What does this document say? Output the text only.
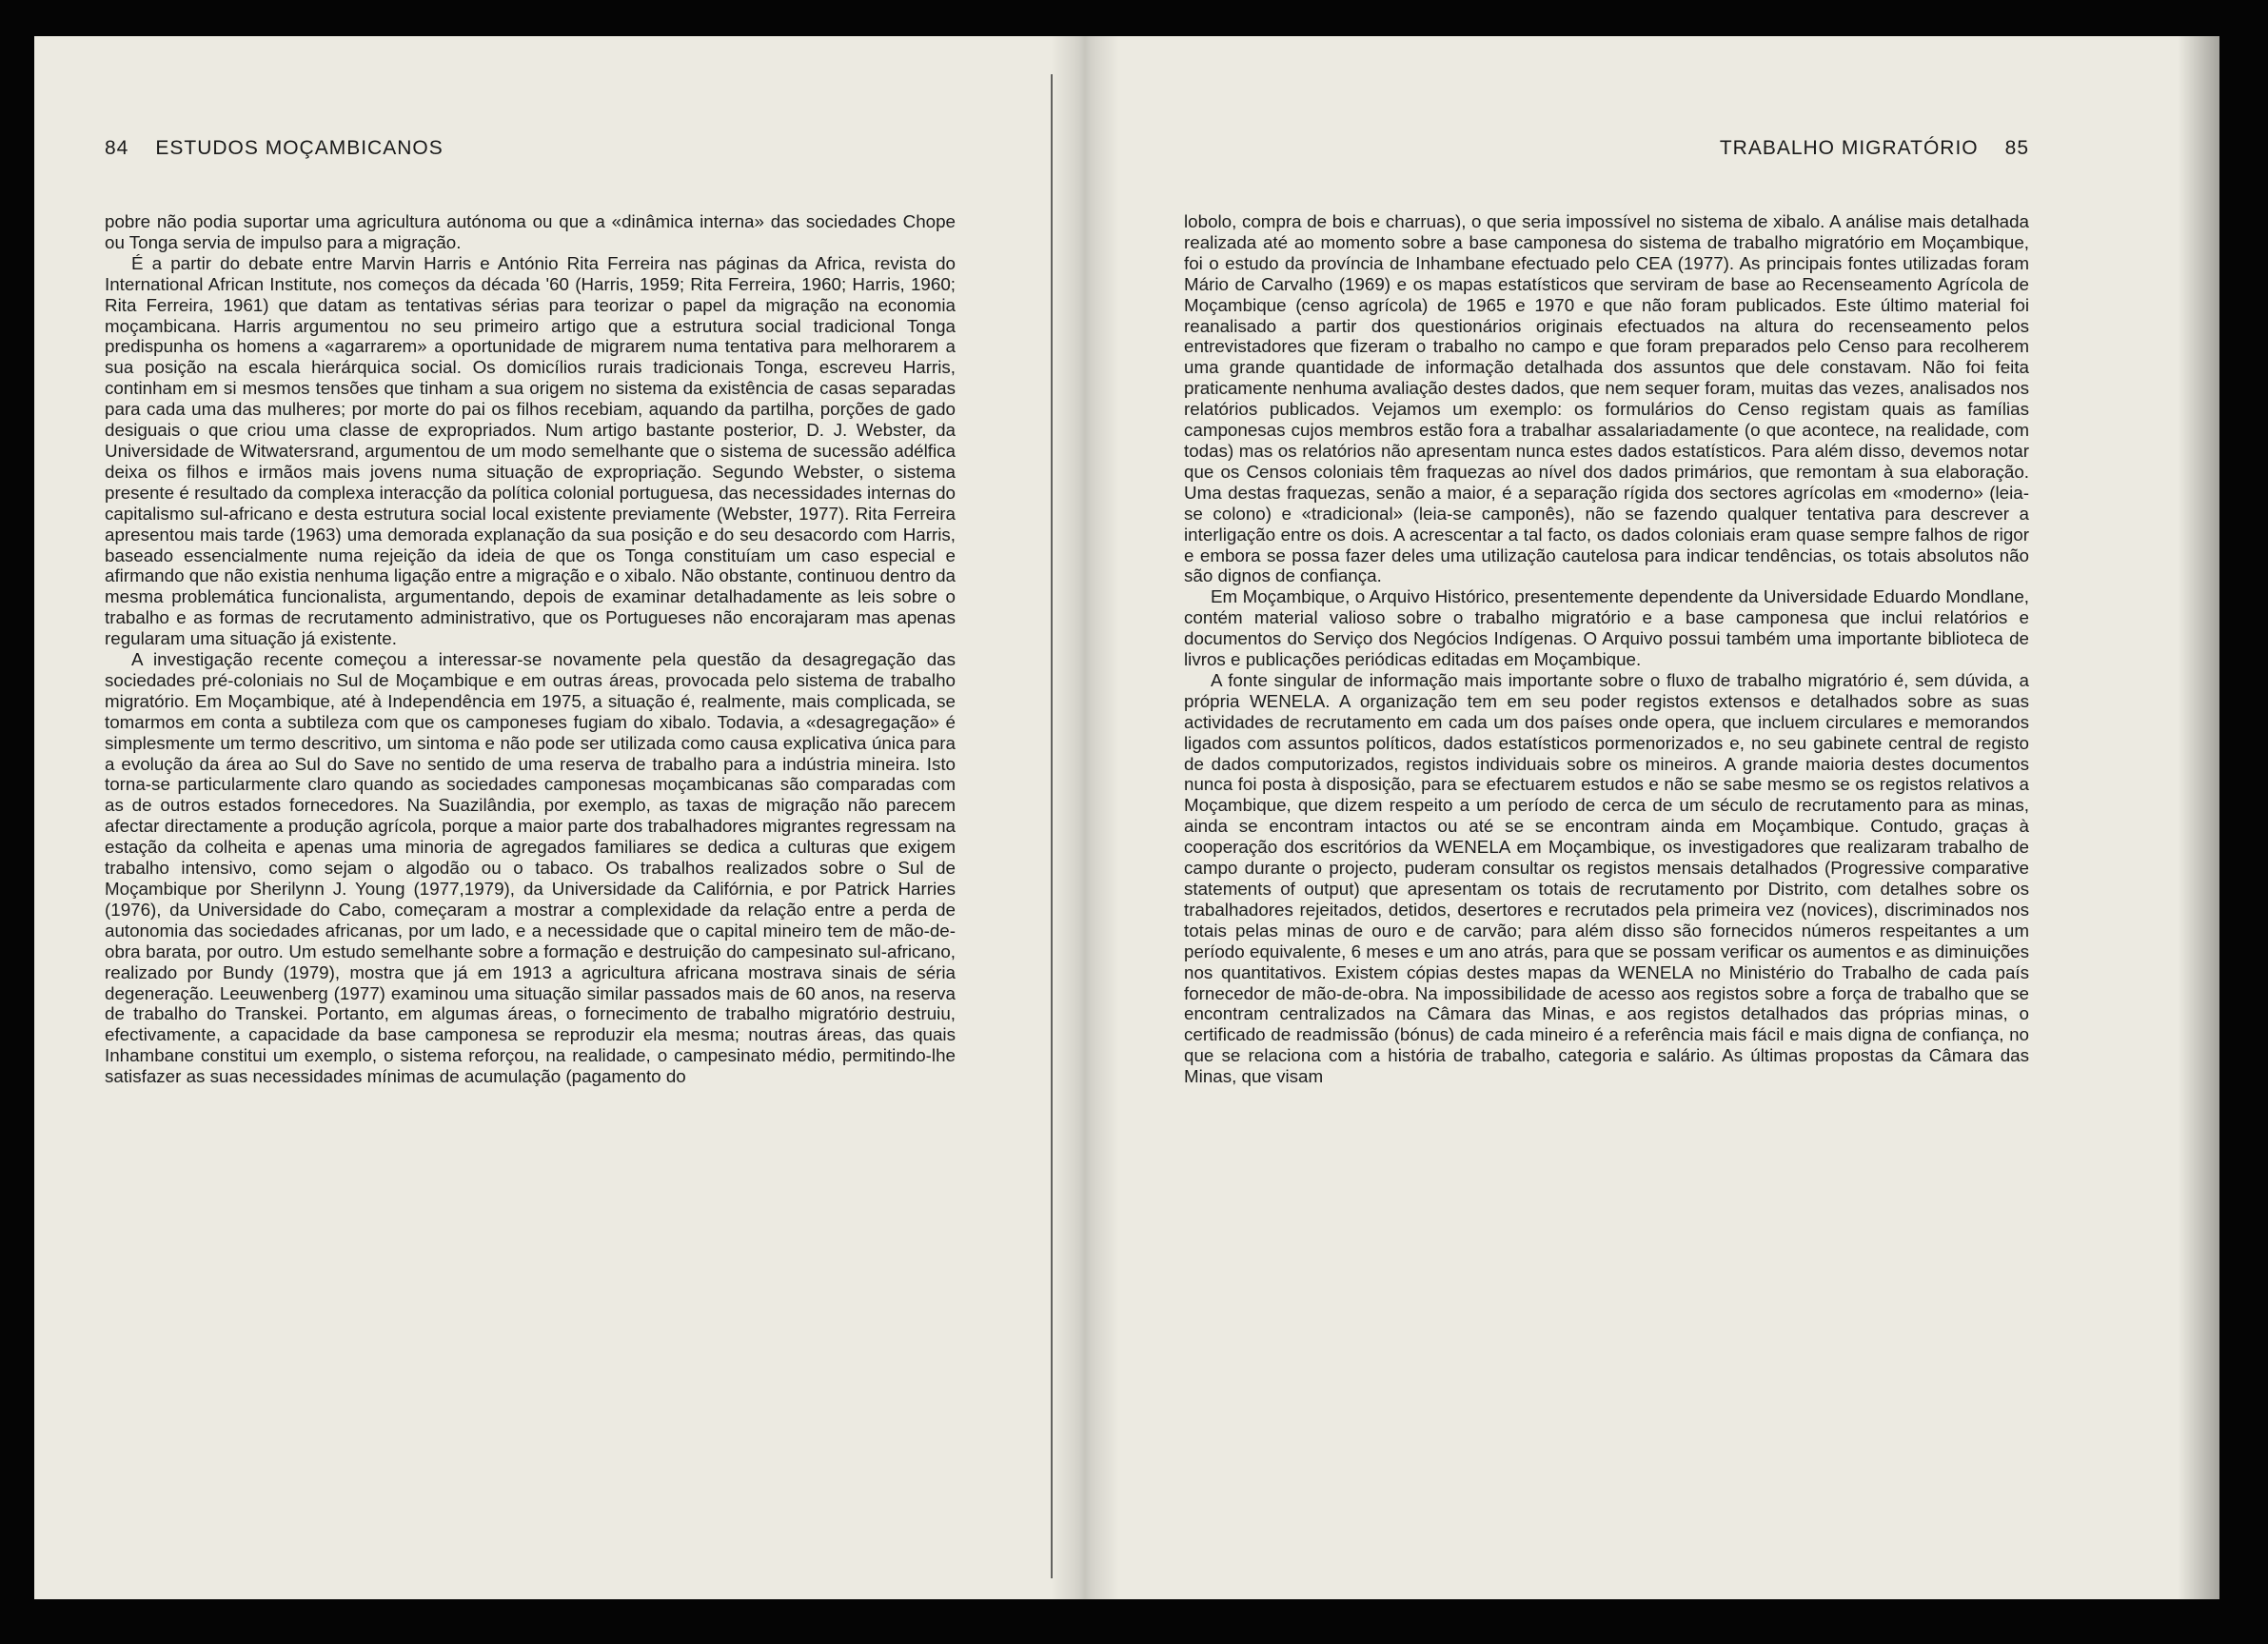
84 ESTUDOS MOÇAMBICANOS

pobre não podia suportar uma agricultura autónoma ou que a «dinâmica interna» das sociedades Chope ou Tonga servia de impulso para a migração.

É a partir do debate entre Marvin Harris e António Rita Ferreira nas páginas da Africa, revista do International African Institute, nos começos da década '60 (Harris, 1959; Rita Ferreira, 1960; Harris, 1960; Rita Ferreira, 1961) que datam as tentativas sérias para teorizar o papel da migração na economia moçambicana. Harris argumentou no seu primeiro artigo que a estrutura social tradicional Tonga predispunha os homens a «agarrarem» a oportunidade de migrarem numa tentativa para melhorarem a sua posição na escala hierárquica social. Os domicílios rurais tradicionais Tonga, escreveu Harris, continham em si mesmos tensões que tinham a sua origem no sistema da existência de casas separadas para cada uma das mulheres; por morte do pai os filhos recebiam, aquando da partilha, porções de gado desiguais o que criou uma classe de expropriados. Num artigo bastante posterior, D. J. Webster, da Universidade de Witwatersrand, argumentou de um modo semelhante que o sistema de sucessão adélfica deixa os filhos e irmãos mais jovens numa situação de expropriação. Segundo Webster, o sistema presente é resultado da complexa interacção da política colonial portuguesa, das necessidades internas do capitalismo sul-africano e desta estrutura social local existente previamente (Webster, 1977). Rita Ferreira apresentou mais tarde (1963) uma demorada explanação da sua posição e do seu desacordo com Harris, baseado essencialmente numa rejeição da ideia de que os Tonga constituíam um caso especial e afirmando que não existia nenhuma ligação entre a migração e o xibalo. Não obstante, continuou dentro da mesma problemática funcionalista, argumentando, depois de examinar detalhadamente as leis sobre o trabalho e as formas de recrutamento administrativo, que os Portugueses não encorajaram mas apenas regularam uma situação já existente.

A investigação recente começou a interessar-se novamente pela questão da desagregação das sociedades pré-coloniais no Sul de Moçambique e em outras áreas, provocada pelo sistema de trabalho migratório. Em Moçambique, até à Independência em 1975, a situação é, realmente, mais complicada, se tomarmos em conta a subtileza com que os camponeses fugiam do xibalo. Todavia, a «desagregação» é simplesmente um termo descritivo, um sintoma e não pode ser utilizada como causa explicativa única para a evolução da área ao Sul do Save no sentido de uma reserva de trabalho para a indústria mineira. Isto torna-se particularmente claro quando as sociedades camponesas moçambicanas são comparadas com as de outros estados fornecedores. Na Suazilândia, por exemplo, as taxas de migração não parecem afectar directamente a produção agrícola, porque a maior parte dos trabalhadores migrantes regressam na estação da colheita e apenas uma minoria de agregados familiares se dedica a culturas que exigem trabalho intensivo, como sejam o algodão ou o tabaco. Os trabalhos realizados sobre o Sul de Moçambique por Sherilynn J. Young (1977,1979), da Universidade da Califórnia, e por Patrick Harries (1976), da Universidade do Cabo, começaram a mostrar a complexidade da relação entre a perda de autonomia das sociedades africanas, por um lado, e a necessidade que o capital mineiro tem de mão-de-obra barata, por outro. Um estudo semelhante sobre a formação e destruição do campesinato sul-africano, realizado por Bundy (1979), mostra que já em 1913 a agricultura africana mostrava sinais de séria degeneração. Leeuwenberg (1977) examinou uma situação similar passados mais de 60 anos, na reserva de trabalho do Transkei. Portanto, em algumas áreas, o fornecimento de trabalho migratório destruiu, efectivamente, a capacidade da base camponesa se reproduzir ela mesma; noutras áreas, das quais Inhambane constitui um exemplo, o sistema reforçou, na realidade, o campesinato médio, permitindo-lhe satisfazer as suas necessidades mínimas de acumulação (pagamento do

TRABALHO MIGRATÓRIO 85

lobolo, compra de bois e charruas), o que seria impossível no sistema de xibalo. A análise mais detalhada realizada até ao momento sobre a base camponesa do sistema de trabalho migratório em Moçambique, foi o estudo da província de Inhambane efectuado pelo CEA (1977). As principais fontes utilizadas foram Mário de Carvalho (1969) e os mapas estatísticos que serviram de base ao Recenseamento Agrícola de Moçambique (censo agrícola) de 1965 e 1970 e que não foram publicados. Este último material foi reanalisado a partir dos questionários originais efectuados na altura do recenseamento pelos entrevistadores que fizeram o trabalho no campo e que foram preparados pelo Censo para recolherem uma grande quantidade de informação detalhada dos assuntos que dele constavam. Não foi feita praticamente nenhuma avaliação destes dados, que nem sequer foram, muitas das vezes, analisados nos relatórios publicados. Vejamos um exemplo: os formulários do Censo registam quais as famílias camponesas cujos membros estão fora a trabalhar assalariadamente (o que acontece, na realidade, com todas) mas os relatórios não apresentam nunca estes dados estatísticos. Para além disso, devemos notar que os Censos coloniais têm fraquezas ao nível dos dados primários, que remontam à sua elaboração. Uma destas fraquezas, senão a maior, é a separação rígida dos sectores agrícolas em «moderno» (leia-se colono) e «tradicional» (leia-se camponês), não se fazendo qualquer tentativa para descrever a interligação entre os dois. A acrescentar a tal facto, os dados coloniais eram quase sempre falhos de rigor e embora se possa fazer deles uma utilização cautelosa para indicar tendências, os totais absolutos não são dignos de confiança.

Em Moçambique, o Arquivo Histórico, presentemente dependente da Universidade Eduardo Mondlane, contém material valioso sobre o trabalho migratório e a base camponesa que inclui relatórios e documentos do Serviço dos Negócios Indígenas. O Arquivo possui também uma importante biblioteca de livros e publicações periódicas editadas em Moçambique.

A fonte singular de informação mais importante sobre o fluxo de trabalho migratório é, sem dúvida, a própria WENELA. A organização tem em seu poder registos extensos e detalhados sobre as suas actividades de recrutamento em cada um dos países onde opera, que incluem circulares e memorandos ligados com assuntos políticos, dados estatísticos pormenorizados e, no seu gabinete central de registo de dados computorizados, registos individuais sobre os mineiros. A grande maioria destes documentos nunca foi posta à disposição, para se efectuarem estudos e não se sabe mesmo se os registos relativos a Moçambique, que dizem respeito a um período de cerca de um século de recrutamento para as minas, ainda se encontram intactos ou até se se encontram ainda em Moçambique. Contudo, graças à cooperação dos escritórios da WENELA em Moçambique, os investigadores que realizaram trabalho de campo durante o projecto, puderam consultar os registos mensais detalhados (Progressive comparative statements of output) que apresentam os totais de recrutamento por Distrito, com detalhes sobre os trabalhadores rejeitados, detidos, desertores e recrutados pela primeira vez (novices), discriminados nos totais pelas minas de ouro e de carvão; para além disso são fornecidos números respeitantes a um período equivalente, 6 meses e um ano atrás, para que se possam verificar os aumentos e as diminuições nos quantitativos. Existem cópias destes mapas da WENELA no Ministério do Trabalho de cada país fornecedor de mão-de-obra. Na impossibilidade de acesso aos registos sobre a força de trabalho que se encontram centralizados na Câmara das Minas, e aos registos detalhados das próprias minas, o certificado de readmissão (bónus) de cada mineiro é a referência mais fácil e mais digna de confiança, no que se relaciona com a história de trabalho, categoria e salário. As últimas propostas da Câmara das Minas, que visam
